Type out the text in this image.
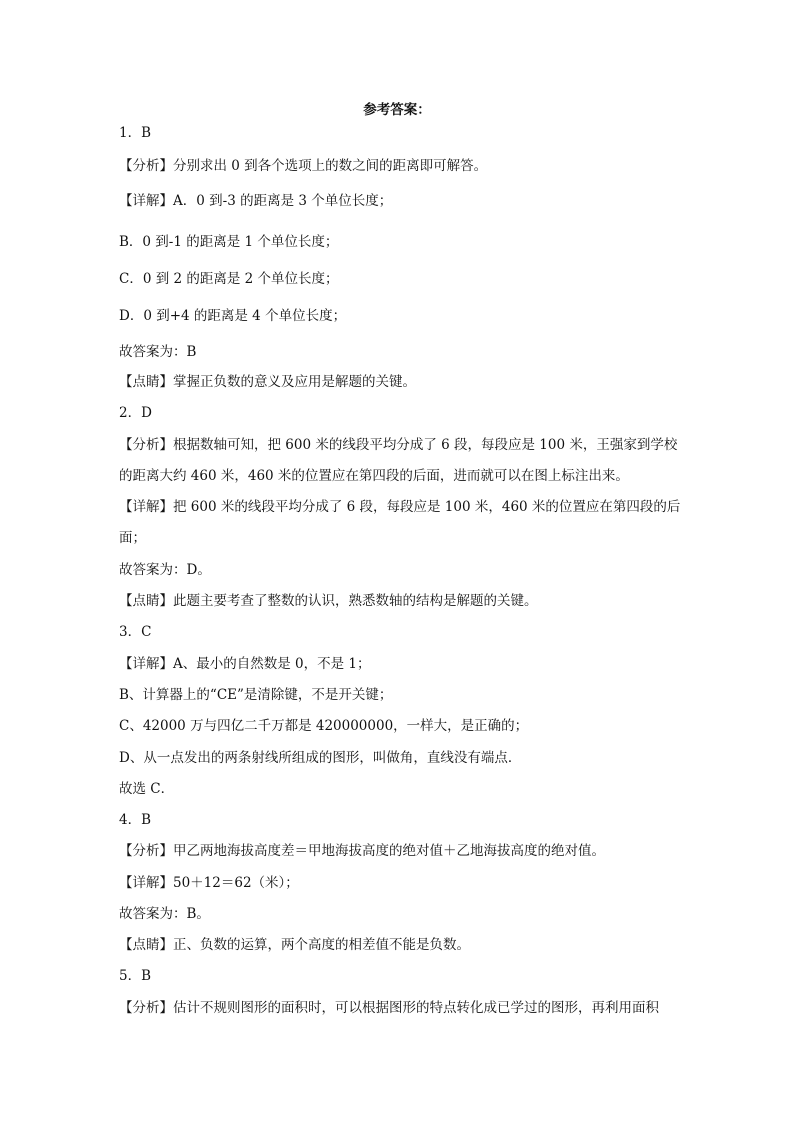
参考答案：
1．B
【分析】分别求出 0 到各个选项上的数之间的距离即可解答。
【详解】A．0 到-3 的距离是 3 个单位长度；
B．0 到-1 的距离是 1 个单位长度；
C．0 到 2 的距离是 2 个单位长度；
D．0 到+4 的距离是 4 个单位长度；
故答案为：B
【点睛】掌握正负数的意义及应用是解题的关键。
2．D
【分析】根据数轴可知，把 600 米的线段平均分成了 6 段，每段应是 100 米，王强家到学校
的距离大约 460 米，460 米的位置应在第四段的后面，进而就可以在图上标注出来。
【详解】把 600 米的线段平均分成了 6 段，每段应是 100 米，460 米的位置应在第四段的后
面；
故答案为：D。
【点睛】此题主要考查了整数的认识，熟悉数轴的结构是解题的关键。
3．C
【详解】A、最小的自然数是 0，不是 1；
B、计算器上的“CE”是清除键，不是开关键；
C、42000 万与四亿二千万都是 420000000，一样大，是正确的；
D、从一点发出的两条射线所组成的图形，叫做角，直线没有端点．
故选 C．
4．B
【分析】甲乙两地海拔高度差＝甲地海拔高度的绝对值＋乙地海拔高度的绝对值。
【详解】50＋12＝62（米）；
故答案为：B。
【点睛】正、负数的运算，两个高度的相差值不能是负数。
5．B
【分析】估计不规则图形的面积时，可以根据图形的特点转化成已学过的图形，再利用面积
